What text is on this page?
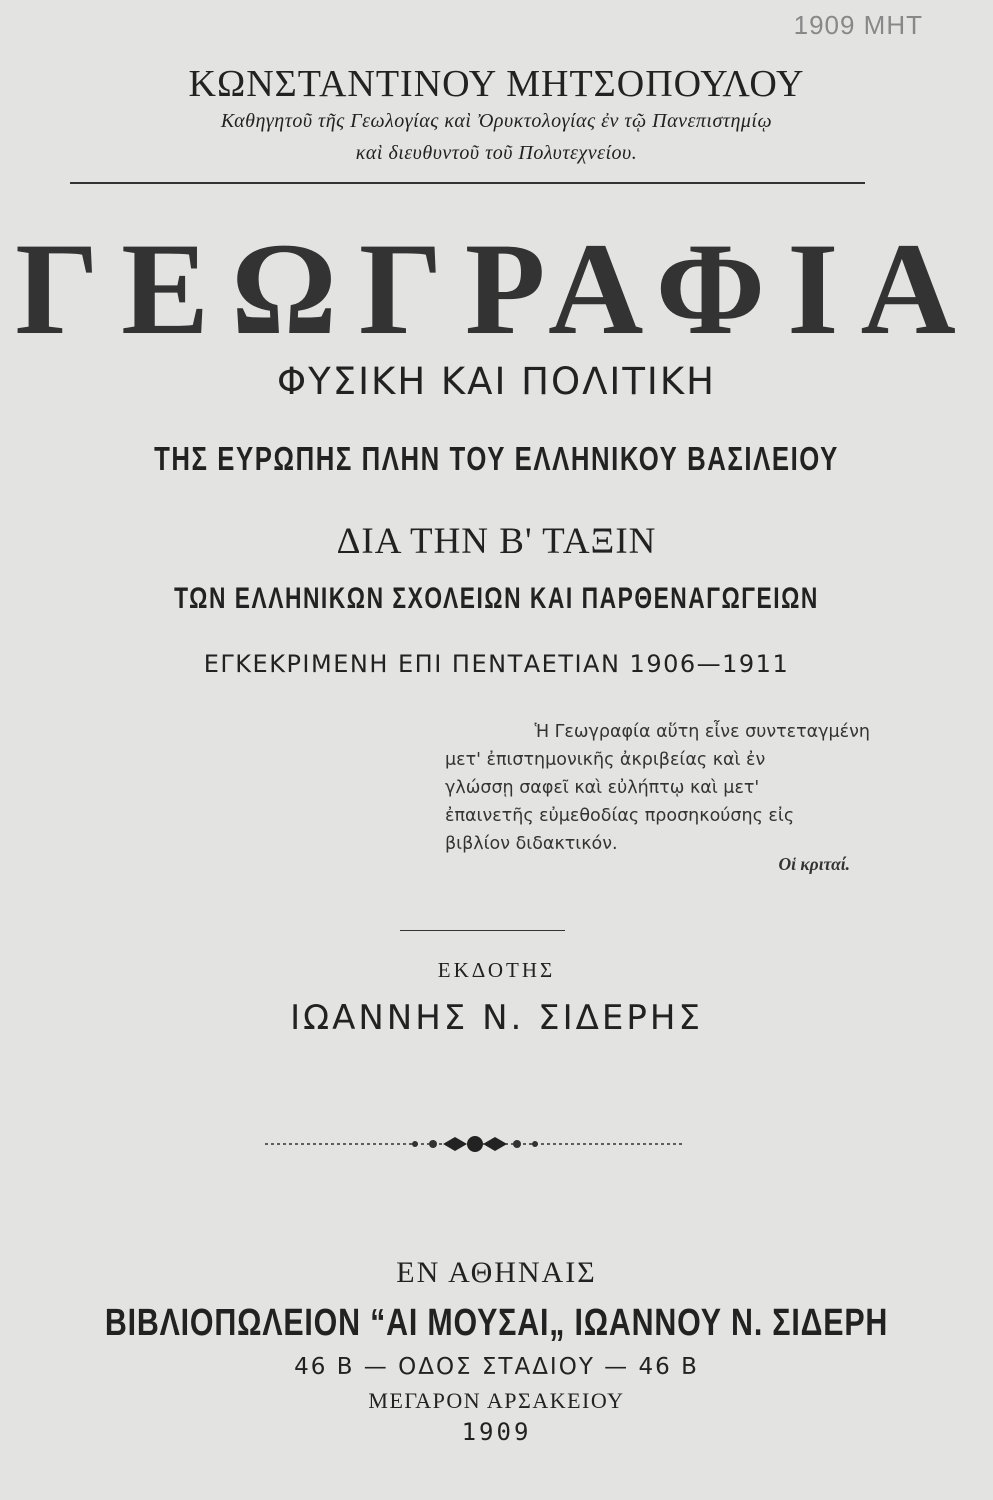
1909 ΜΗΤ
ΚΩΝΣΤΑΝΤΙΝΟΥ ΜΗΤΣΟΠΟΥΛΟΥ
Καθηγητοῦ τῆς Γεωλογίας καὶ Ὀρυκτολογίας ἐν τῷ Πανεπιστημίῳ
καὶ διευθυντοῦ τοῦ Πολυτεχνείου.
ΓΕΩΓΡΑΦΙΑ
ΦΥΣΙΚΗ ΚΑΙ ΠΟΛΙΤΙΚΗ
ΤΗΣ ΕΥΡΩΠΗΣ ΠΛΗΝ ΤΟΥ ΕΛΛΗΝΙΚΟΥ ΒΑΣΙΛΕΙΟΥ
ΔΙΑ ΤΗΝ Β' ΤΑΞΙΝ
ΤΩΝ ΕΛΛΗΝΙΚΩΝ ΣΧΟΛΕΙΩΝ ΚΑΙ ΠΑΡΘΕΝΑΓΩΓΕΙΩΝ
ΕΓΚΕΚΡΙΜΕΝΗ ΕΠΙ ΠΕΝΤΑΕΤΙΑΝ 1906—1911
Ἡ Γεωγραφία αὕτη εἶνε συντεταγμένη
μετ' ἐπιστημονικῆς ἀκριβείας καὶ ἐν
γλώσσῃ σαφεῖ καὶ εὐλήπτῳ καὶ μετ'
ἐπαινετῆς εὐμεθοδίας προσηκούσης εἰς
βιβλίον διδακτικόν.
Οἱ κριταί.
ΕΚΔΟΤΗΣ
ΙΩΑΝΝΗΣ Ν. ΣΙΔΕΡΗΣ
ΕΝ ΑΘΗΝΑΙΣ
ΒΙΒΛΙΟΠΩΛΕΙΟΝ “ΑΙ ΜΟΥΣΑΙ„ ΙΩΑΝΝΟΥ Ν. ΣΙΔΕΡΗ
46 Β — ΟΔΟΣ ΣΤΑΔΙΟΥ — 46 Β
ΜΕΓΑΡΟΝ ΑΡΣΑΚΕΙΟΥ
1909
